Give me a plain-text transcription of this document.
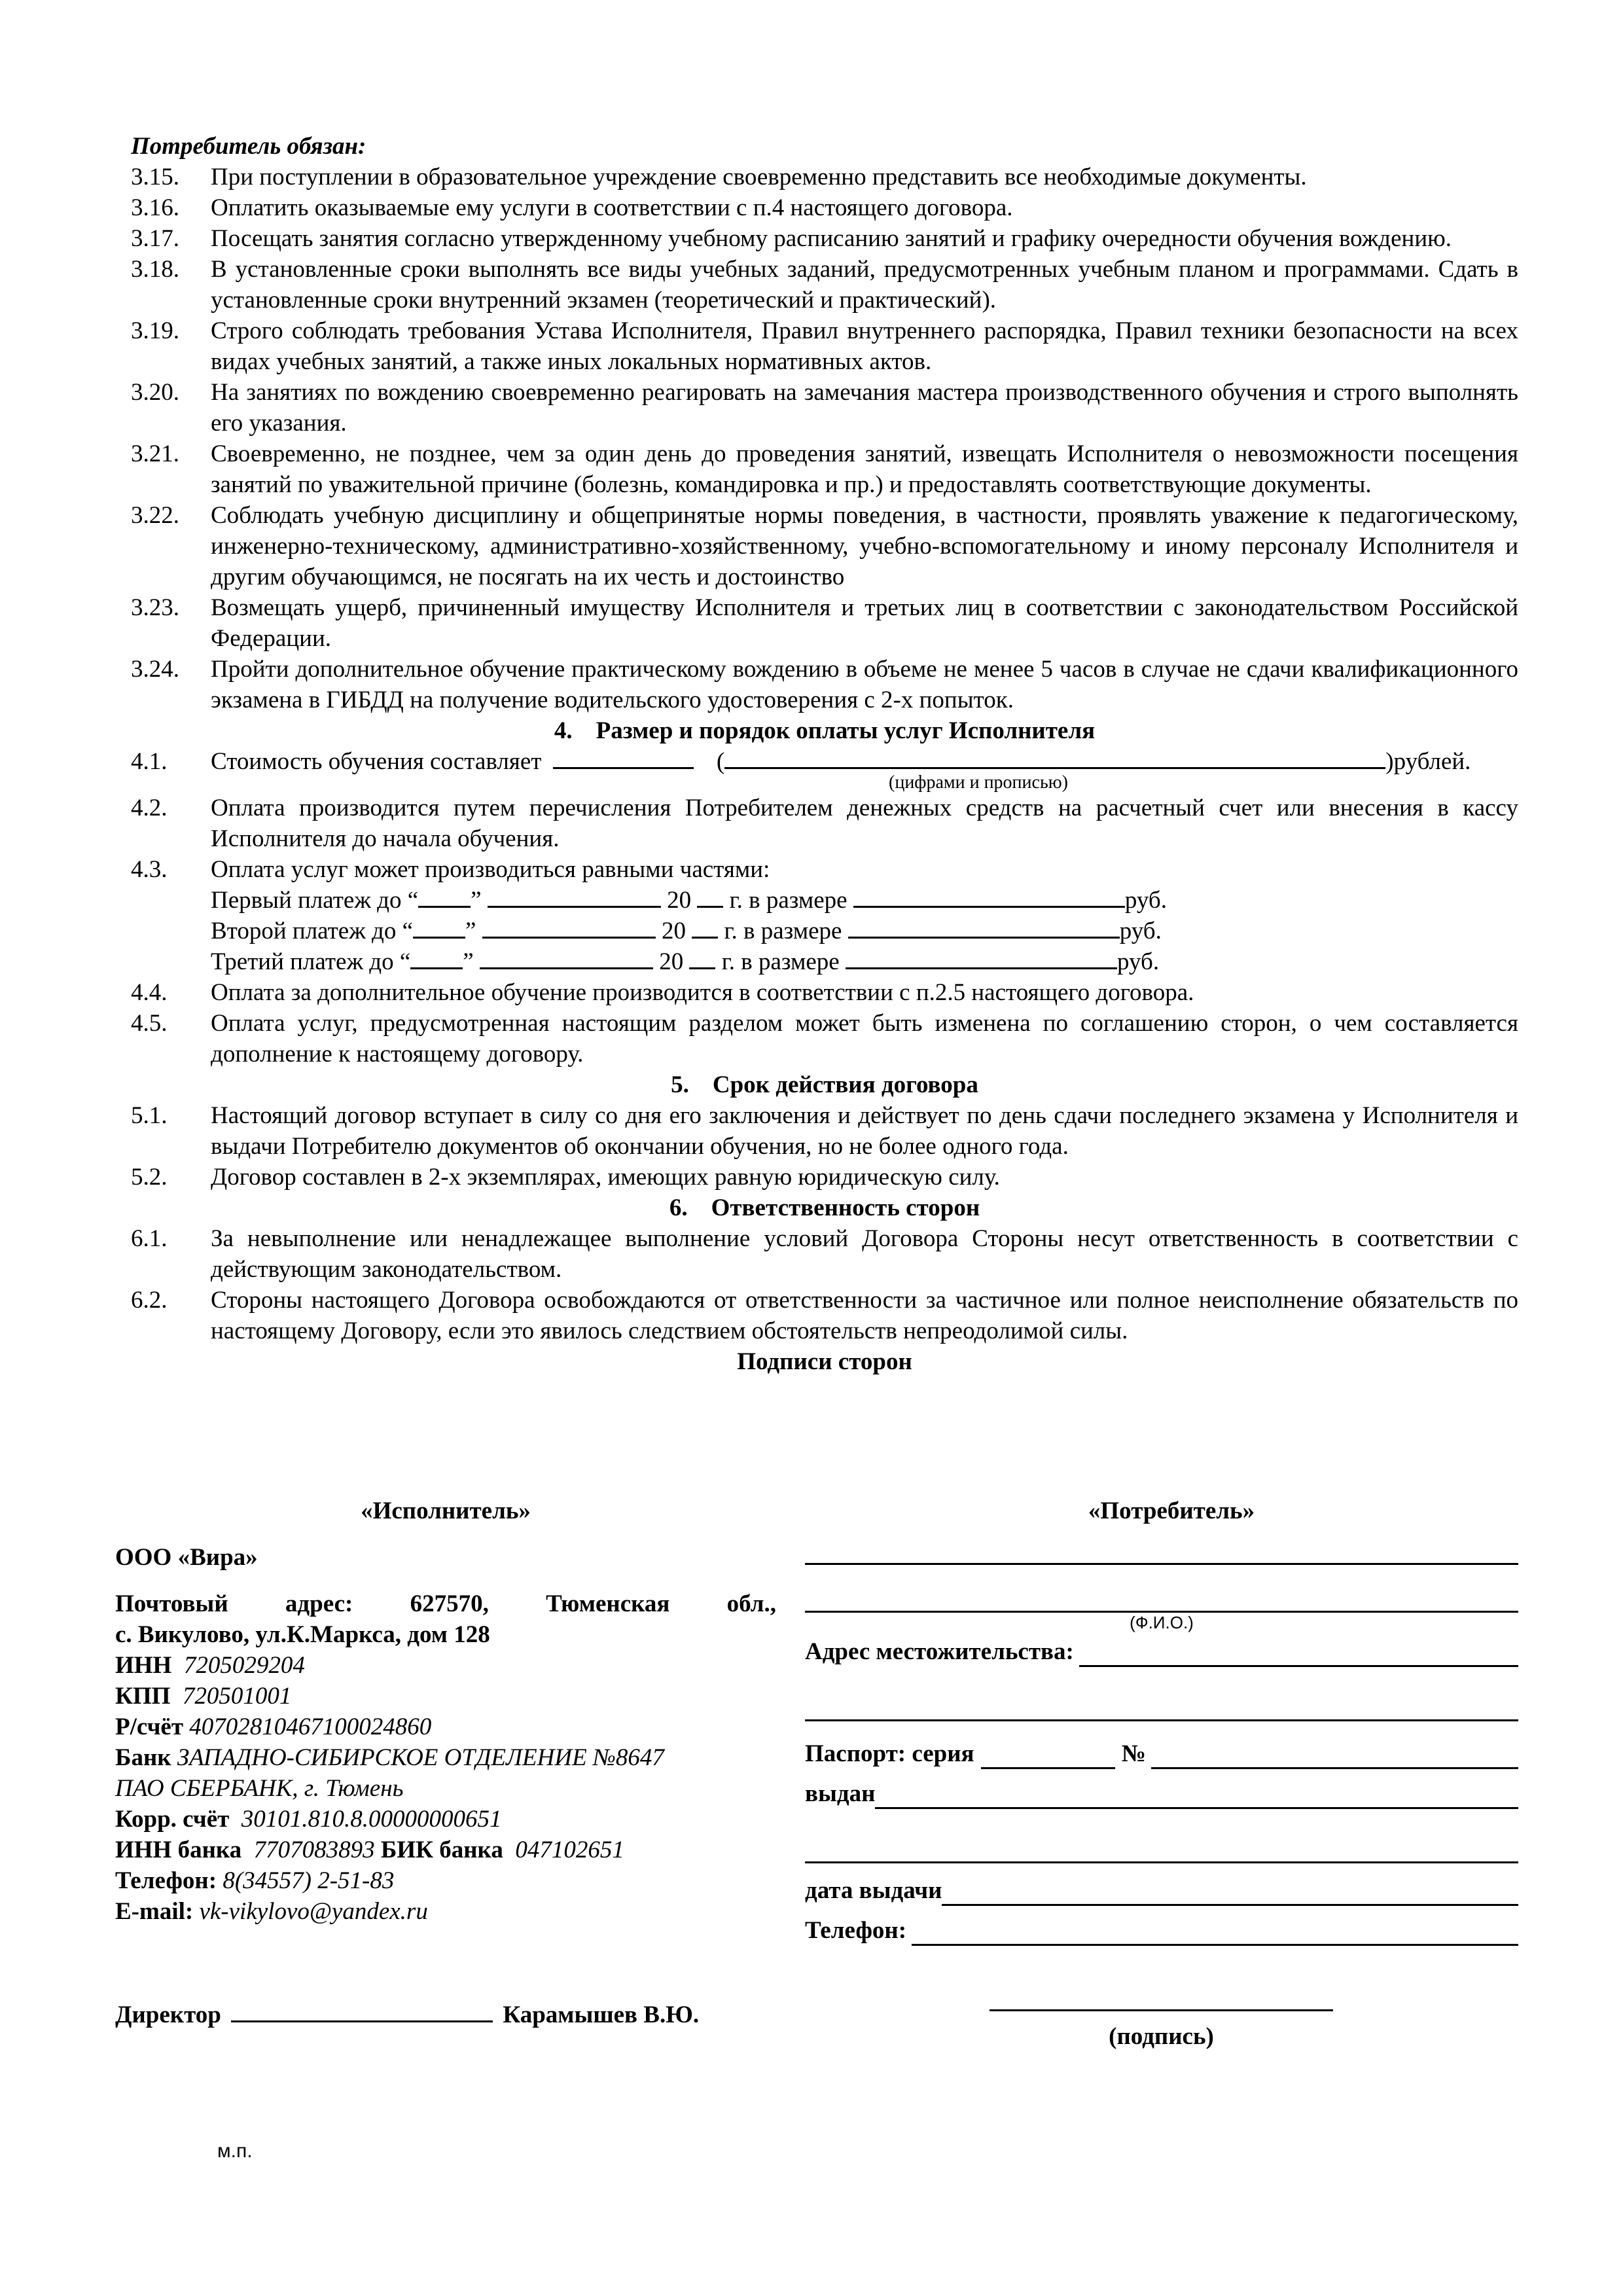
Потребитель обязан:

3.15.	При поступлении в образовательное учреждение своевременно представить все необходимые документы.
3.16.	Оплатить оказываемые ему услуги в соответствии с п.4 настоящего договора.
3.17.	Посещать занятия согласно утвержденному учебному расписанию занятий и графику очередности обучения вождению.
3.18.	В установленные сроки выполнять все виды учебных заданий, предусмотренных учебным планом и программами. Сдать в установленные сроки внутренний экзамен (теоретический и практический).
3.19.	Строго соблюдать требования Устава Исполнителя, Правил внутреннего распорядка, Правил техники безопасности на всех видах учебных занятий, а также иных локальных нормативных актов.
3.20.	На занятиях по вождению своевременно реагировать на замечания мастера производственного обучения и строго выполнять его указания.
3.21.	Своевременно, не позднее, чем за один день до проведения занятий, извещать Исполнителя о невозможности посещения занятий по уважительной причине (болезнь, командировка и пр.) и предоставлять соответствующие документы.
3.22.	Соблюдать учебную дисциплину и общепринятые нормы поведения, в частности, проявлять уважение к педагогическому, инженерно-техническому, административно-хозяйственному, учебно-вспомогательному и иному персоналу Исполнителя и другим обучающимся, не посягать на их честь и достоинство
3.23.	Возмещать ущерб, причиненный имуществу Исполнителя и третьих лиц в соответствии с законодательством Российской Федерации.
3.24.	Пройти дополнительное обучение практическому вождению в объеме не менее 5 часов в случае не сдачи квалификационного экзамена в ГИБДД на получение водительского удостоверения с 2-х попыток.

4. Размер и порядок оплаты услуг Исполнителя

4.1.	Стоимость обучения составляет	(	)рублей.
(цифрами и прописью)
4.2.	Оплата производится путем перечисления Потребителем денежных средств на расчетный счет или внесения в кассу Исполнителя до начала обучения.
4.3.	Оплата услуг может производиться равными частями:
Первый платеж до “ ”	20 г. в размере	руб.
Второй платеж до “ ”	20 г. в размере	руб.
Третий платеж до “ ”	20 г. в размере	руб.
4.4.	Оплата за дополнительное обучение производится в соответствии с п.2.5 настоящего договора.
4.5.	Оплата услуг, предусмотренная настоящим разделом может быть изменена по соглашению сторон, о чем составляется дополнение к настоящему договору.

5. Срок действия договора

5.1.	Настоящий договор вступает в силу со дня его заключения и действует по день сдачи последнего экзамена у Исполнителя и выдачи Потребителю документов об окончании обучения, но не более одного года.
5.2.	Договор составлен в 2-х экземплярах, имеющих равную юридическую силу.

6. Ответственность сторон

6.1.	За невыполнение или ненадлежащее выполнение условий Договора Стороны несут ответственность в соответствии с действующим законодательством.
6.2.	Стороны настоящего Договора освобождаются от ответственности за частичное или полное неисполнение обязательств по настоящему Договору, если это явилось следствием обстоятельств непреодолимой силы.

Подписи сторон

«Исполнитель»
ООО «Вира»
Почтовый адрес: 627570, Тюменская обл.,
с. Викулово, ул.К.Маркса, дом 128
ИНН 7205029204
КПП 720501001
Р/счёт 40702810467100024860
Банк ЗАПАДНО-СИБИРСКОЕ ОТДЕЛЕНИЕ №8647
ПАО СБЕРБАНК, г. Тюмень
Корр. счёт 30101.810.8.00000000651
ИНН банка 7707083893 БИК банка 047102651
Телефон: 8(34557) 2-51-83
E-mail: vk-vikylovo@yandex.ru
Директор	Карамышев В.Ю.
м.п.
«Потребитель»
(Ф.И.О.)
Адрес местожительства:
Паспорт: серия	№
выдан
дата выдачи
Телефон:
(подпись)
